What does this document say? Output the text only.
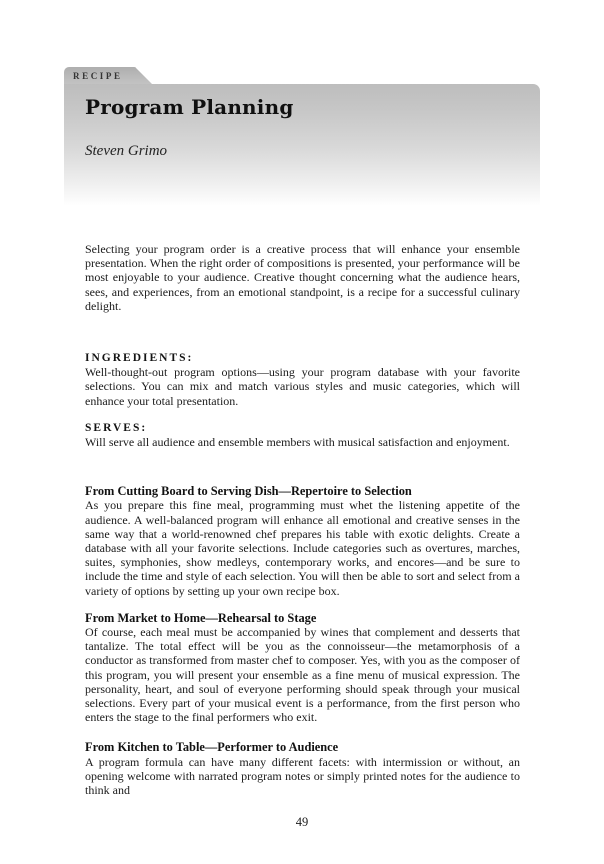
RECIPE
Program Planning
Steven Grimo

Selecting your program order is a creative process that will enhance your ensemble presentation. When the right order of compositions is presented, your performance will be most enjoyable to your audience. Creative thought concerning what the audience hears, sees, and experiences, from an emotional standpoint, is a recipe for a successful culinary delight.

INGREDIENTS:

Well-thought-out program options—using your program database with your favorite selections. You can mix and match various styles and music categories, which will enhance your total presentation.

SERVES:

Will serve all audience and ensemble members with musical satisfaction and enjoyment.

From Cutting Board to Serving Dish—Repertoire to Selection

As you prepare this fine meal, programming must whet the listening appetite of the audience. A well-balanced program will enhance all emotional and creative senses in the same way that a world-renowned chef prepares his table with exotic delights. Create a database with all your favorite selections. Include categories such as overtures, marches, suites, symphonies, show medleys, contemporary works, and encores—and be sure to include the time and style of each selection. You will then be able to sort and select from a variety of options by setting up your own recipe box.

From Market to Home—Rehearsal to Stage

Of course, each meal must be accompanied by wines that complement and desserts that tantalize. The total effect will be you as the connoisseur—the metamorphosis of a conductor as transformed from master chef to composer. Yes, with you as the composer of this program, you will present your ensemble as a fine menu of musical expression. The personality, heart, and soul of everyone performing should speak through your musical selections. Every part of your musical event is a performance, from the first person who enters the stage to the final performers who exit.

From Kitchen to Table—Performer to Audience

A program formula can have many different facets: with intermission or without, an opening welcome with narrated program notes or simply printed notes for the audience to think and

49
